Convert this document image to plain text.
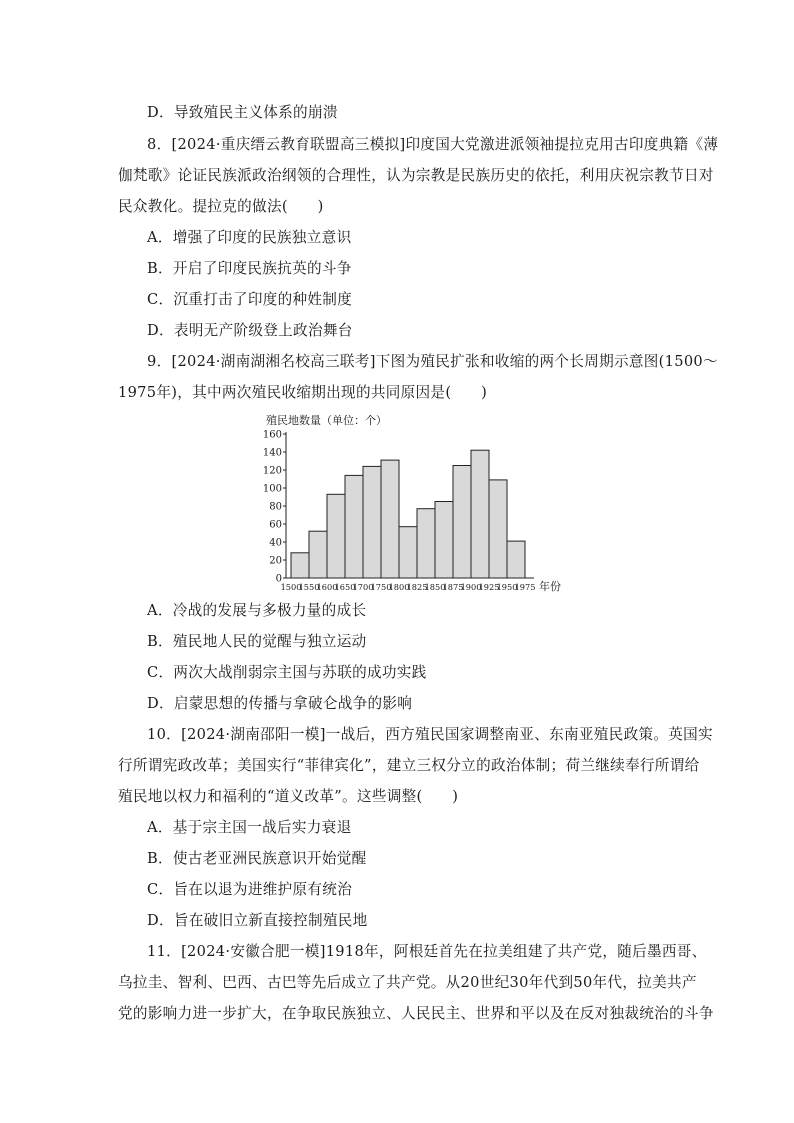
D．导致殖民主义体系的崩溃
8．[2024·重庆缙云教育联盟高三模拟]印度国大党激进派领袖提拉克用古印度典籍《薄
伽梵歌》论证民族派政治纲领的合理性，认为宗教是民族历史的依托，利用庆祝宗教节日对
民众教化。提拉克的做法(　　)
A．增强了印度的民族独立意识
B．开启了印度民族抗英的斗争
C．沉重打击了印度的种姓制度
D．表明无产阶级登上政治舞台
9．[2024·湖南湖湘名校高三联考]下图为殖民扩张和收缩的两个长周期示意图(1500～
1975年)，其中两次殖民收缩期出现的共同原因是(　　)
A．冷战的发展与多极力量的成长
B．殖民地人民的觉醒与独立运动
C．两次大战削弱宗主国与苏联的成功实践
D．启蒙思想的传播与拿破仑战争的影响
10．[2024·湖南邵阳一模]一战后，西方殖民国家调整南亚、东南亚殖民政策。英国实
行所谓宪政改革；美国实行“菲律宾化”，建立三权分立的政治体制；荷兰继续奉行所谓给
殖民地以权力和福利的“道义改革”。这些调整(　　)
A．基于宗主国一战后实力衰退
B．使古老亚洲民族意识开始觉醒
C．旨在以退为进维护原有统治
D．旨在破旧立新直接控制殖民地
11．[2024·安徽合肥一模]1918年，阿根廷首先在拉美组建了共产党，随后墨西哥、
乌拉圭、智利、巴西、古巴等先后成立了共产党。从20世纪30年代到50年代，拉美共产
党的影响力进一步扩大，在争取民族独立、人民民主、世界和平以及在反对独裁统治的斗争
殖民地数量（单位：个）
0
20
40
60
80
100
120
140
160
1500
1550
1600
1650
1700
1750
1800
1825
1850
1875
1900
1925
1950
1975 年份
